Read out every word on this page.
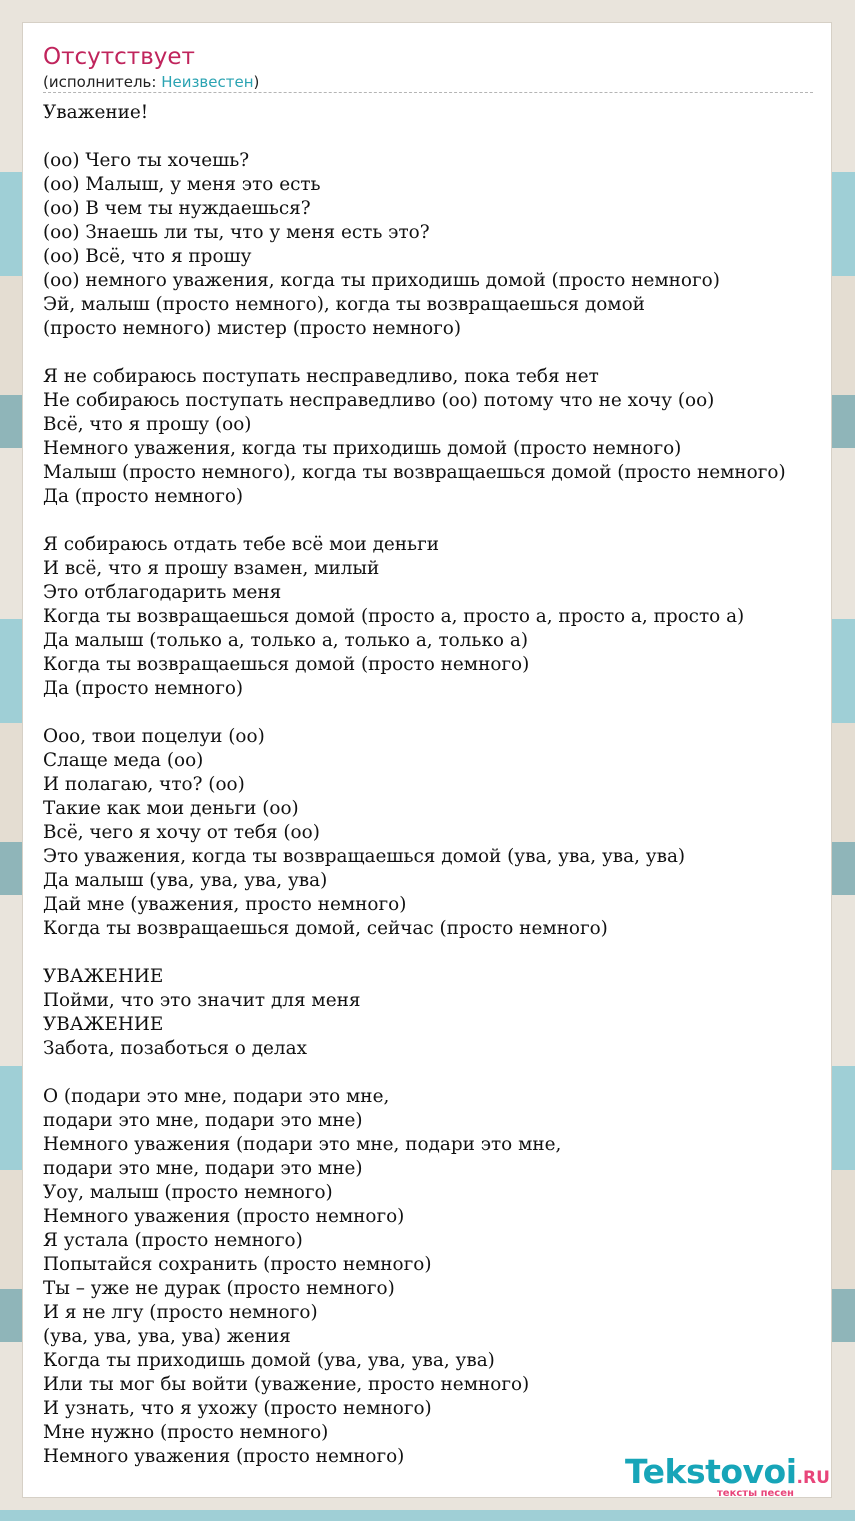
Отсутствует
(исполнитель: Неизвестен)
Уважение!

(оо) Чего ты хочешь?
(оо) Малыш, у меня это есть
(оо) В чем ты нуждаешься?
(оо) Знаешь ли ты, что у меня есть это?
(оо) Всё, что я прошу
(оо) немного уважения, когда ты приходишь домой (просто немного)
Эй, малыш (просто немного), когда ты возвращаешься домой
(просто немного) мистер (просто немного)

Я не собираюсь поступать несправедливо, пока тебя нет
Не собираюсь поступать несправедливо (оо) потому что не хочу (оо)
Всё, что я прошу (оо)
Немного уважения, когда ты приходишь домой (просто немного)
Малыш (просто немного), когда ты возвращаешься домой (просто немного)
Да (просто немного)

Я собираюсь отдать тебе всё мои деньги
И всё, что я прошу взамен, милый
Это отблагодарить меня
Когда ты возвращаешься домой (просто а, просто а, просто а, просто а)
Да малыш (только а, только а, только а, только а)
Когда ты возвращаешься домой (просто немного)
Да (просто немного)

Ооо, твои поцелуи (оо)
Слаще меда (оо)
И полагаю, что? (оо)
Такие как мои деньги (оо)
Всё, чего я хочу от тебя (оо)
Это уважения, когда ты возвращаешься домой (ува, ува, ува, ува)
Да малыш (ува, ува, ува, ува)
Дай мне (уважения, просто немного)
Когда ты возвращаешься домой, сейчас (просто немного)

УВАЖЕНИЕ
Пойми, что это значит для меня
УВАЖЕНИЕ
Забота, позаботься о делах

О (подари это мне, подари это мне,
подари это мне, подари это мне)
Немного уважения (подари это мне, подари это мне,
подари это мне, подари это мне)
Уоу, малыш (просто немного)
Немного уважения (просто немного)
Я устала (просто немного)
Попытайся сохранить (просто немного)
Ты – уже не дурак (просто немного)
И я не лгу (просто немного)
(ува, ува, ува, ува) жения
Когда ты приходишь домой (ува, ува, ува, ува)
Или ты мог бы войти (уважение, просто немного)
И узнать, что я ухожу (просто немного)
Мне нужно (просто немного)
Немного уважения (просто немного)	Tekstovoi.RU
тексты песен
